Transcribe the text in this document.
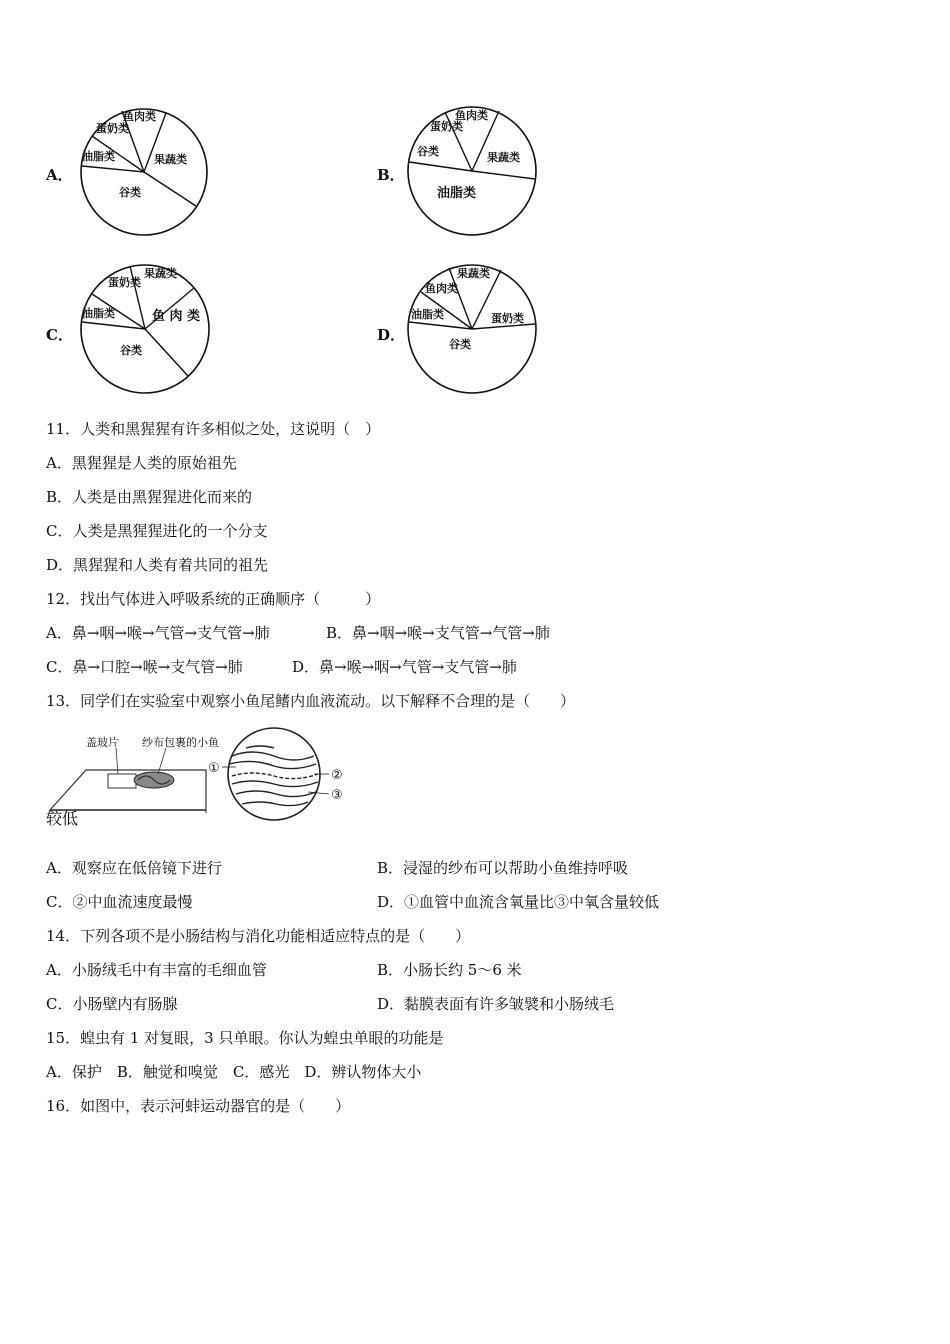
A．
鱼肉类
果蔬类
谷类
油脂类
蛋奶类
B．
鱼肉类
果蔬类
油脂类
谷类
蛋奶类
C．
果蔬类
鱼 肉 类
谷类
油脂类
蛋奶类
D．
果蔬类
蛋奶类
谷类
油脂类
鱼肉类
11．人类和黑猩猩有许多相似之处，这说明（　）
A．黑猩猩是人类的原始祖先
B．人类是由黑猩猩进化而来的
C．人类是黑猩猩进化的一个分支
D．黑猩猩和人类有着共同的祖先
12．找出气体进入呼吸系统的正确顺序（　　　）
A．鼻→咽→喉→气管→支气管→肺	B．鼻→咽→喉→支气管→气管→肺
C．鼻→口腔→喉→支气管→肺	D．鼻→喉→咽→气管→支气管→肺
13．同学们在实验室中观察小鱼尾鳍内血液流动。以下解释不合理的是（　　）
盖玻片 纱布包裹的小鱼
较低
①	②
③
A．观察应在低倍镜下进行	B．浸湿的纱布可以帮助小鱼维持呼吸
C．②中血流速度最慢	D．①血管中血流含氧量比③中氧含量较低
14．下列各项不是小肠结构与消化功能相适应特点的是（　　）
A．小肠绒毛中有丰富的毛细血管	B．小肠长约 5～6 米
C．小肠壁内有肠腺	D．黏膜表面有许多皱襞和小肠绒毛
15．蝗虫有 1 对复眼，3 只单眼。你认为蝗虫单眼的功能是
A．保护　B．触觉和嗅觉　C．感光　D．辨认物体大小
16．如图中，表示河蚌运动器官的是（　　）
